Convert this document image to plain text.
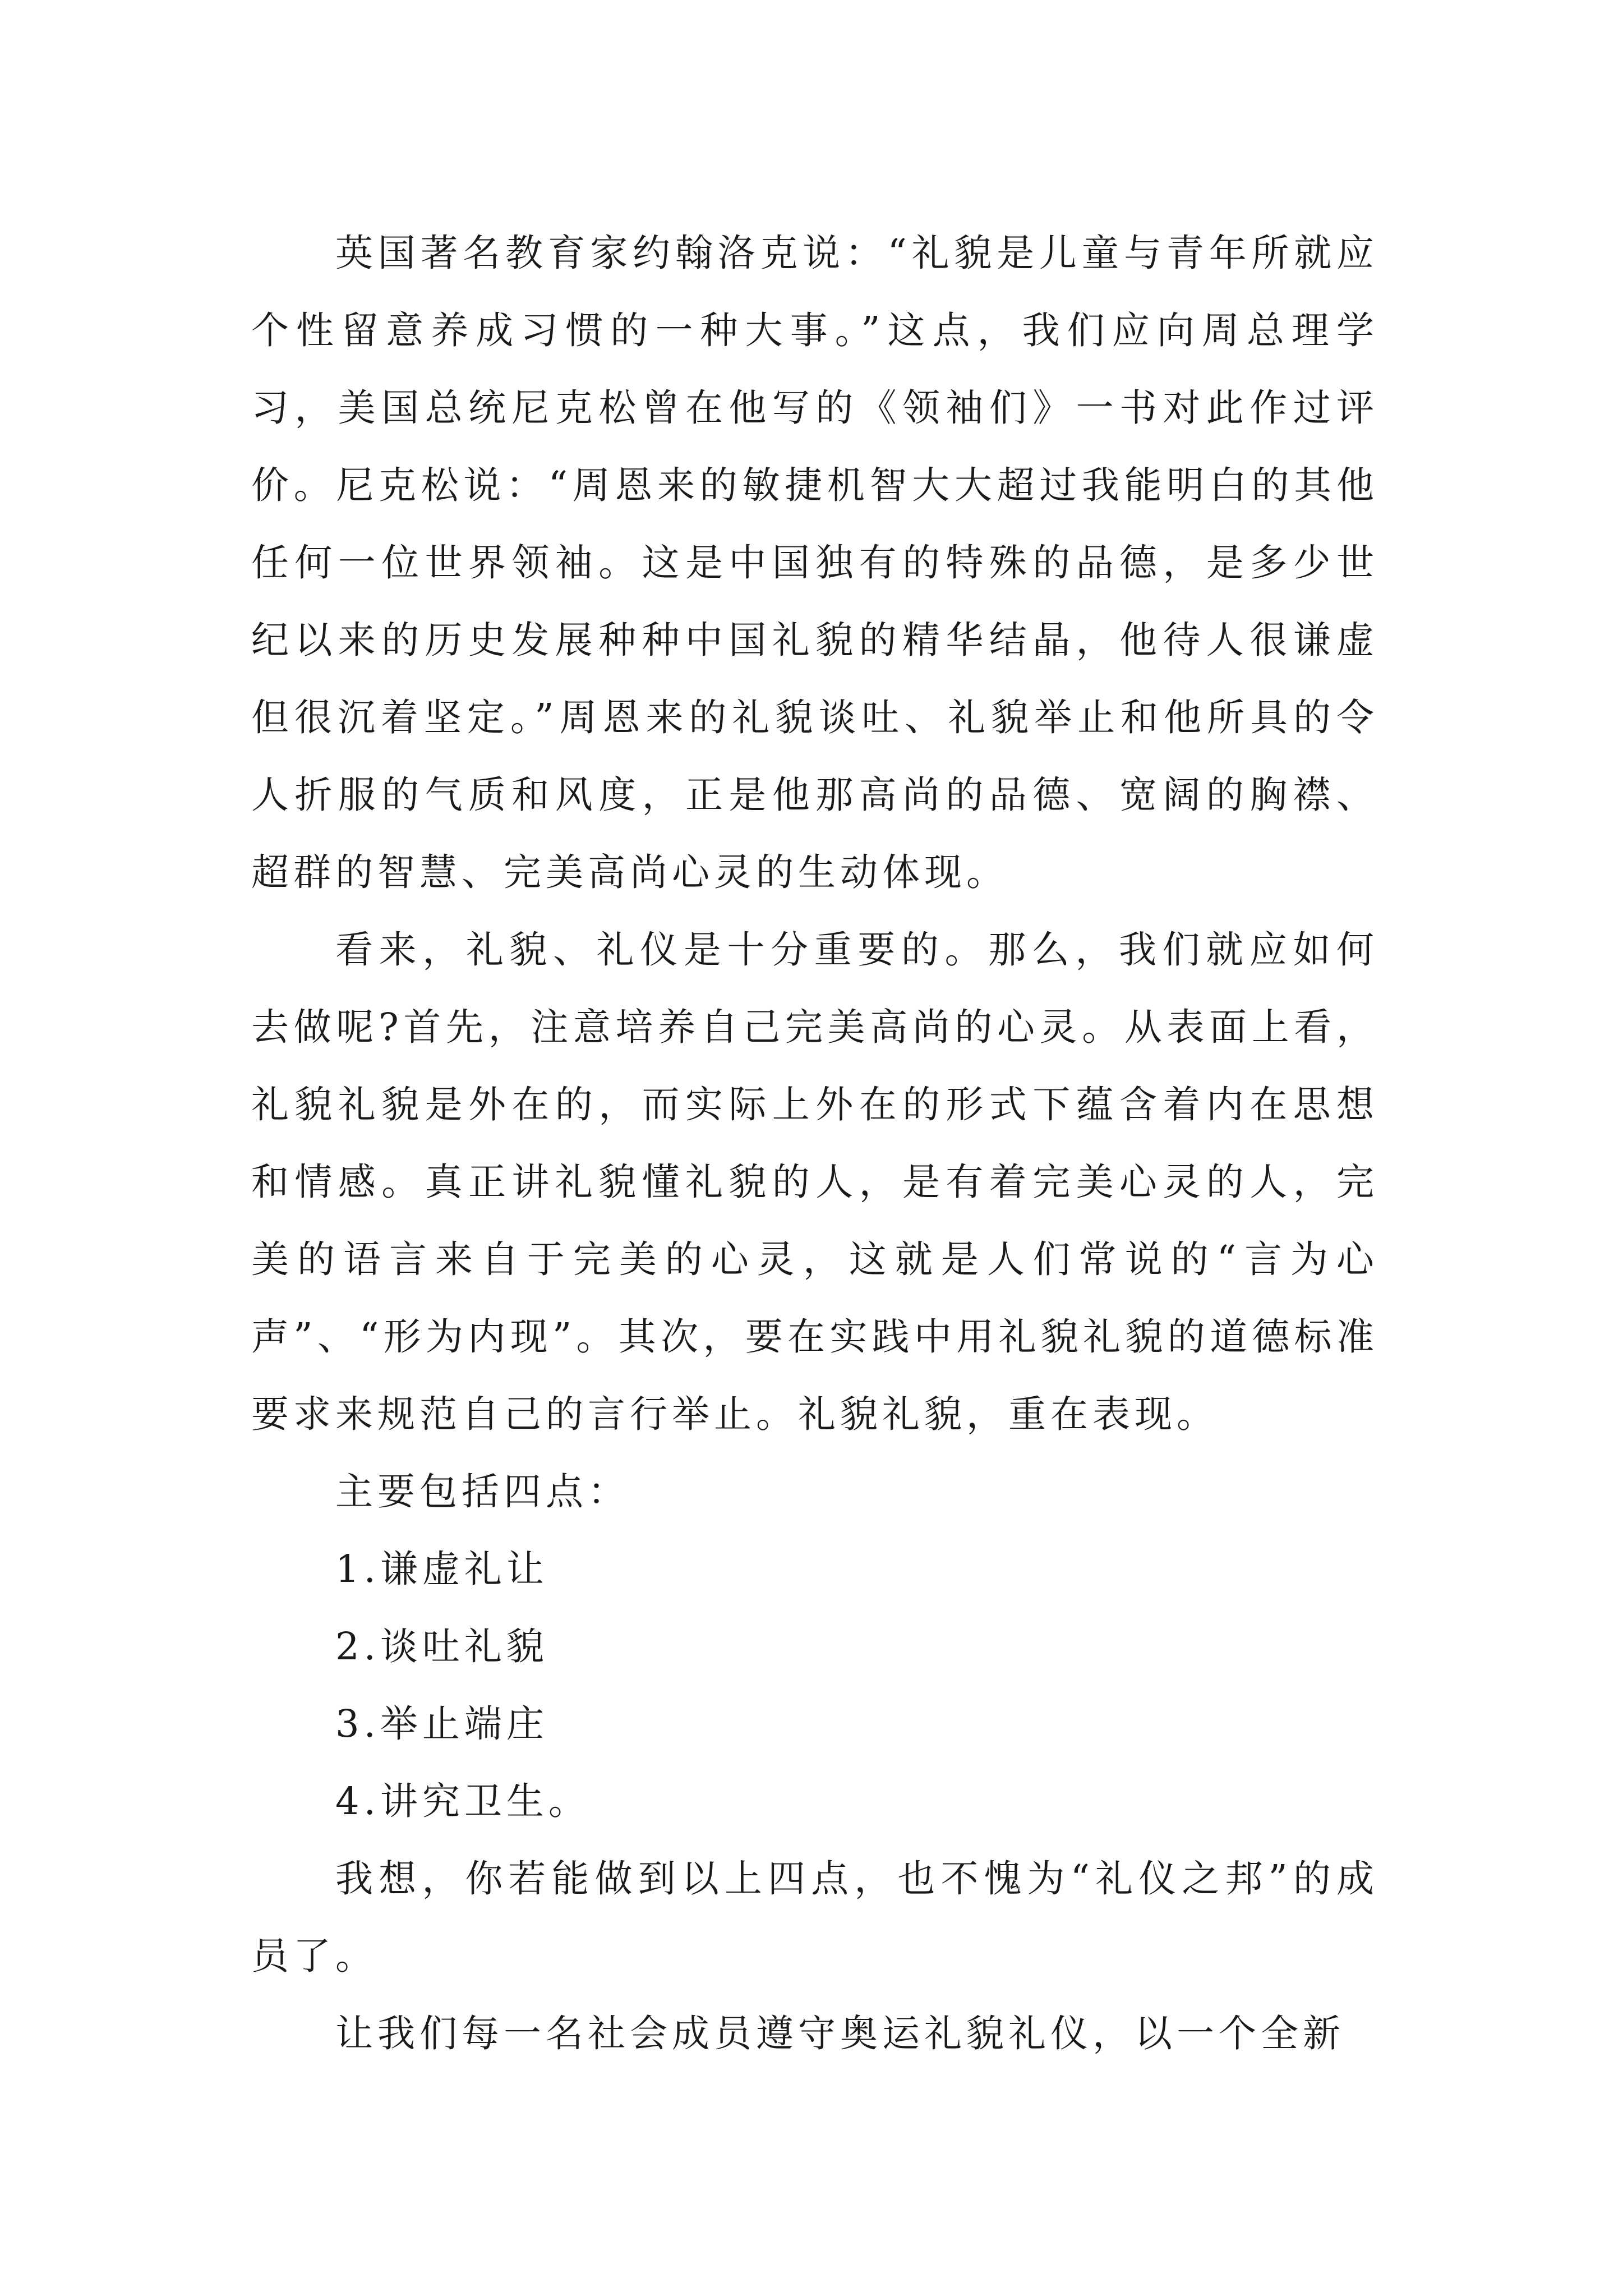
英国著名教育家约翰洛克说：“礼貌是儿童与青年所就应个性留意养成习惯的一种大事。”这点，我们应向周总理学习，美国总统尼克松曾在他写的《领袖们》一书对此作过评价。尼克松说：“周恩来的敏捷机智大大超过我能明白的其他任何一位世界领袖。这是中国独有的特殊的品德，是多少世纪以来的历史发展种种中国礼貌的精华结晶，他待人很谦虚但很沉着坚定。”周恩来的礼貌谈吐、礼貌举止和他所具的令人折服的气质和风度，正是他那高尚的品德、宽阔的胸襟、超群的智慧、完美高尚心灵的生动体现。

看来，礼貌、礼仪是十分重要的。那么，我们就应如何去做呢?首先，注意培养自己完美高尚的心灵。从表面上看，礼貌礼貌是外在的，而实际上外在的形式下蕴含着内在思想和情感。真正讲礼貌懂礼貌的人，是有着完美心灵的人，完美的语言来自于完美的心灵，这就是人们常说的“言为心声”、“形为内现”。其次，要在实践中用礼貌礼貌的道德标准要求来规范自己的言行举止。礼貌礼貌，重在表现。

主要包括四点：

1.谦虚礼让

2.谈吐礼貌

3.举止端庄

4.讲究卫生。

我想，你若能做到以上四点，也不愧为“礼仪之邦”的成员了。

让我们每一名社会成员遵守奥运礼貌礼仪，以一个全新
